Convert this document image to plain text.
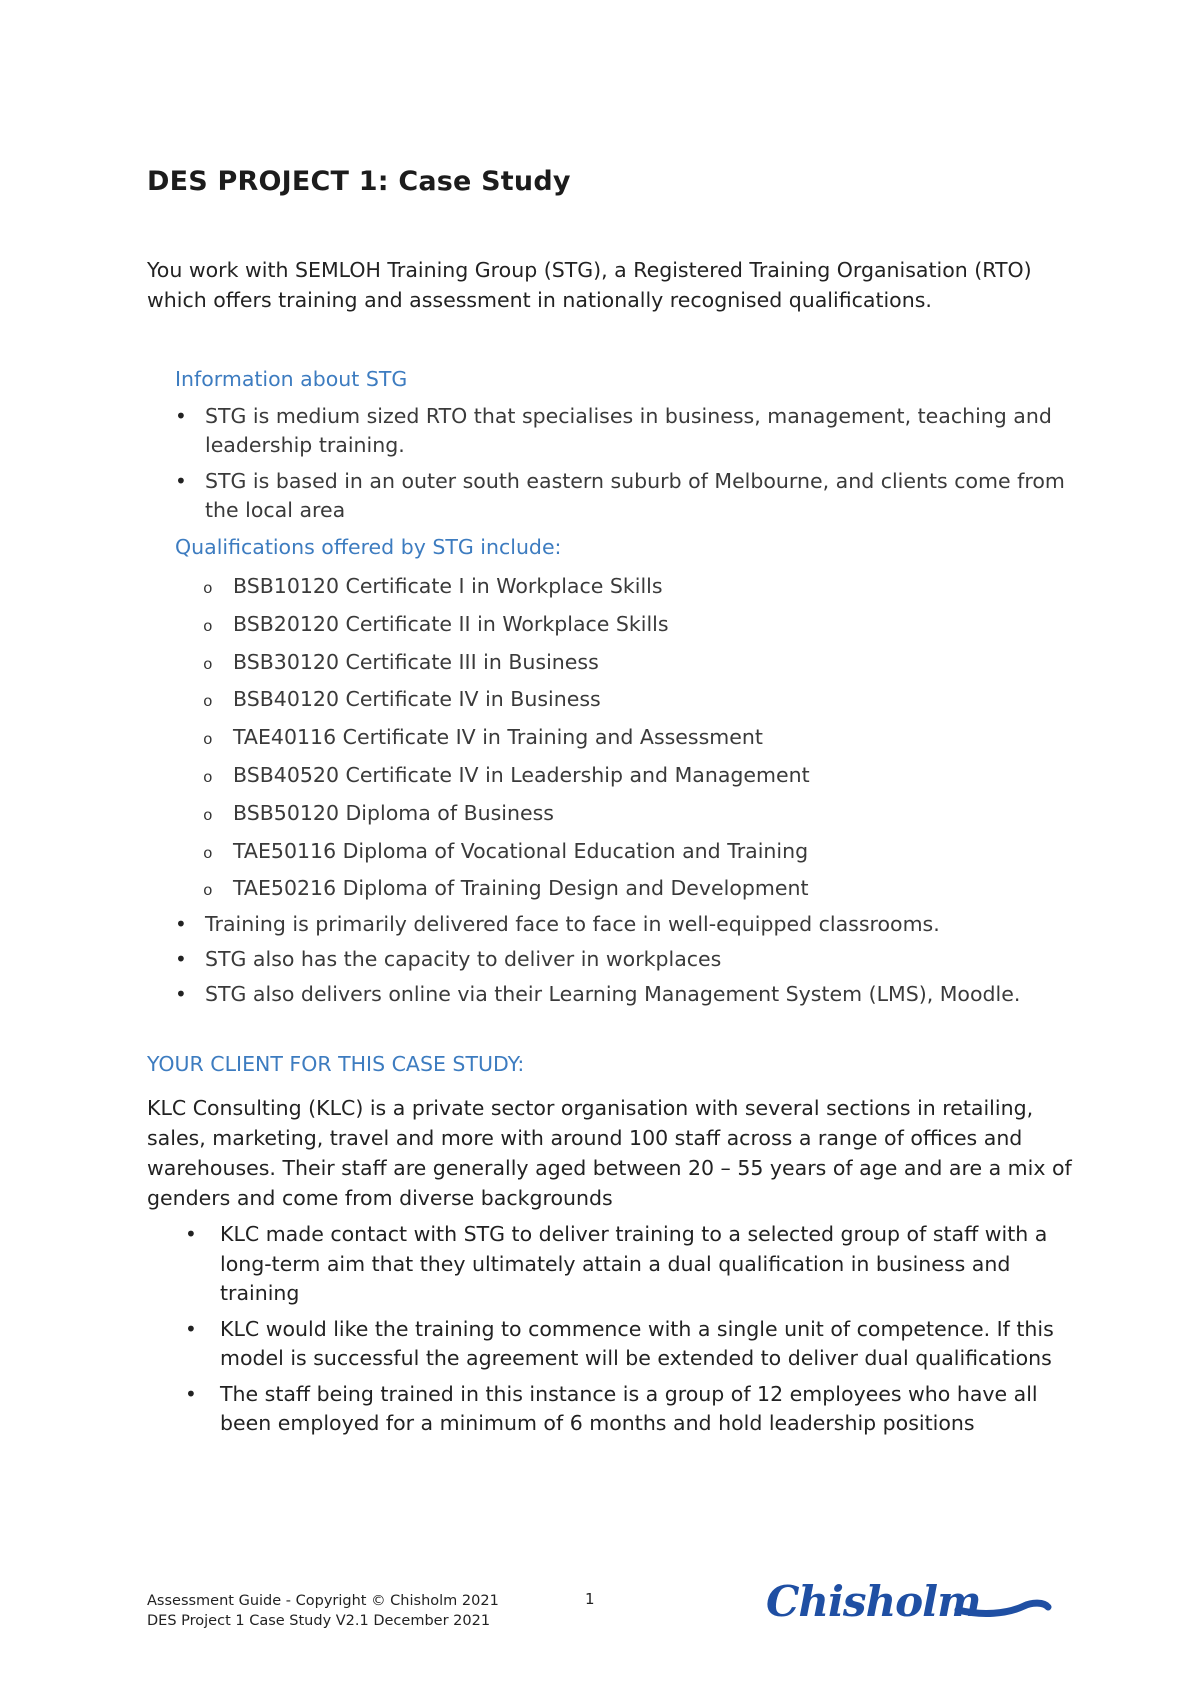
DES PROJECT 1: Case Study

You work with SEMLOH Training Group (STG), a Registered Training Organisation (RTO) which offers training and assessment in nationally recognised qualifications.

Information about STG

• STG is medium sized RTO that specialises in business, management, teaching and leadership training.
• STG is based in an outer south eastern suburb of Melbourne, and clients come from the local area

Qualifications offered by STG include:

o BSB10120 Certificate I in Workplace Skills
o BSB20120 Certificate II in Workplace Skills
o BSB30120 Certificate III in Business
o BSB40120 Certificate IV in Business
o TAE40116 Certificate IV in Training and Assessment
o BSB40520 Certificate IV in Leadership and Management
o BSB50120 Diploma of Business
o TAE50116 Diploma of Vocational Education and Training
o TAE50216 Diploma of Training Design and Development
• Training is primarily delivered face to face in well-equipped classrooms.
• STG also has the capacity to deliver in workplaces
• STG also delivers online via their Learning Management System (LMS), Moodle.

YOUR CLIENT FOR THIS CASE STUDY:

KLC Consulting (KLC) is a private sector organisation with several sections in retailing, sales, marketing, travel and more with around 100 staff across a range of offices and warehouses. Their staff are generally aged between 20 – 55 years of age and are a mix of genders and come from diverse backgrounds

• KLC made contact with STG to deliver training to a selected group of staff with a long-term aim that they ultimately attain a dual qualification in business and training
• KLC would like the training to commence with a single unit of competence. If this model is successful the agreement will be extended to deliver dual qualifications
• The staff being trained in this instance is a group of 12 employees who have all been employed for a minimum of 6 months and hold leadership positions
Assessment Guide - Copyright © Chisholm 2021
DES Project 1 Case Study V2.1 December 2021
1	Chisholm
